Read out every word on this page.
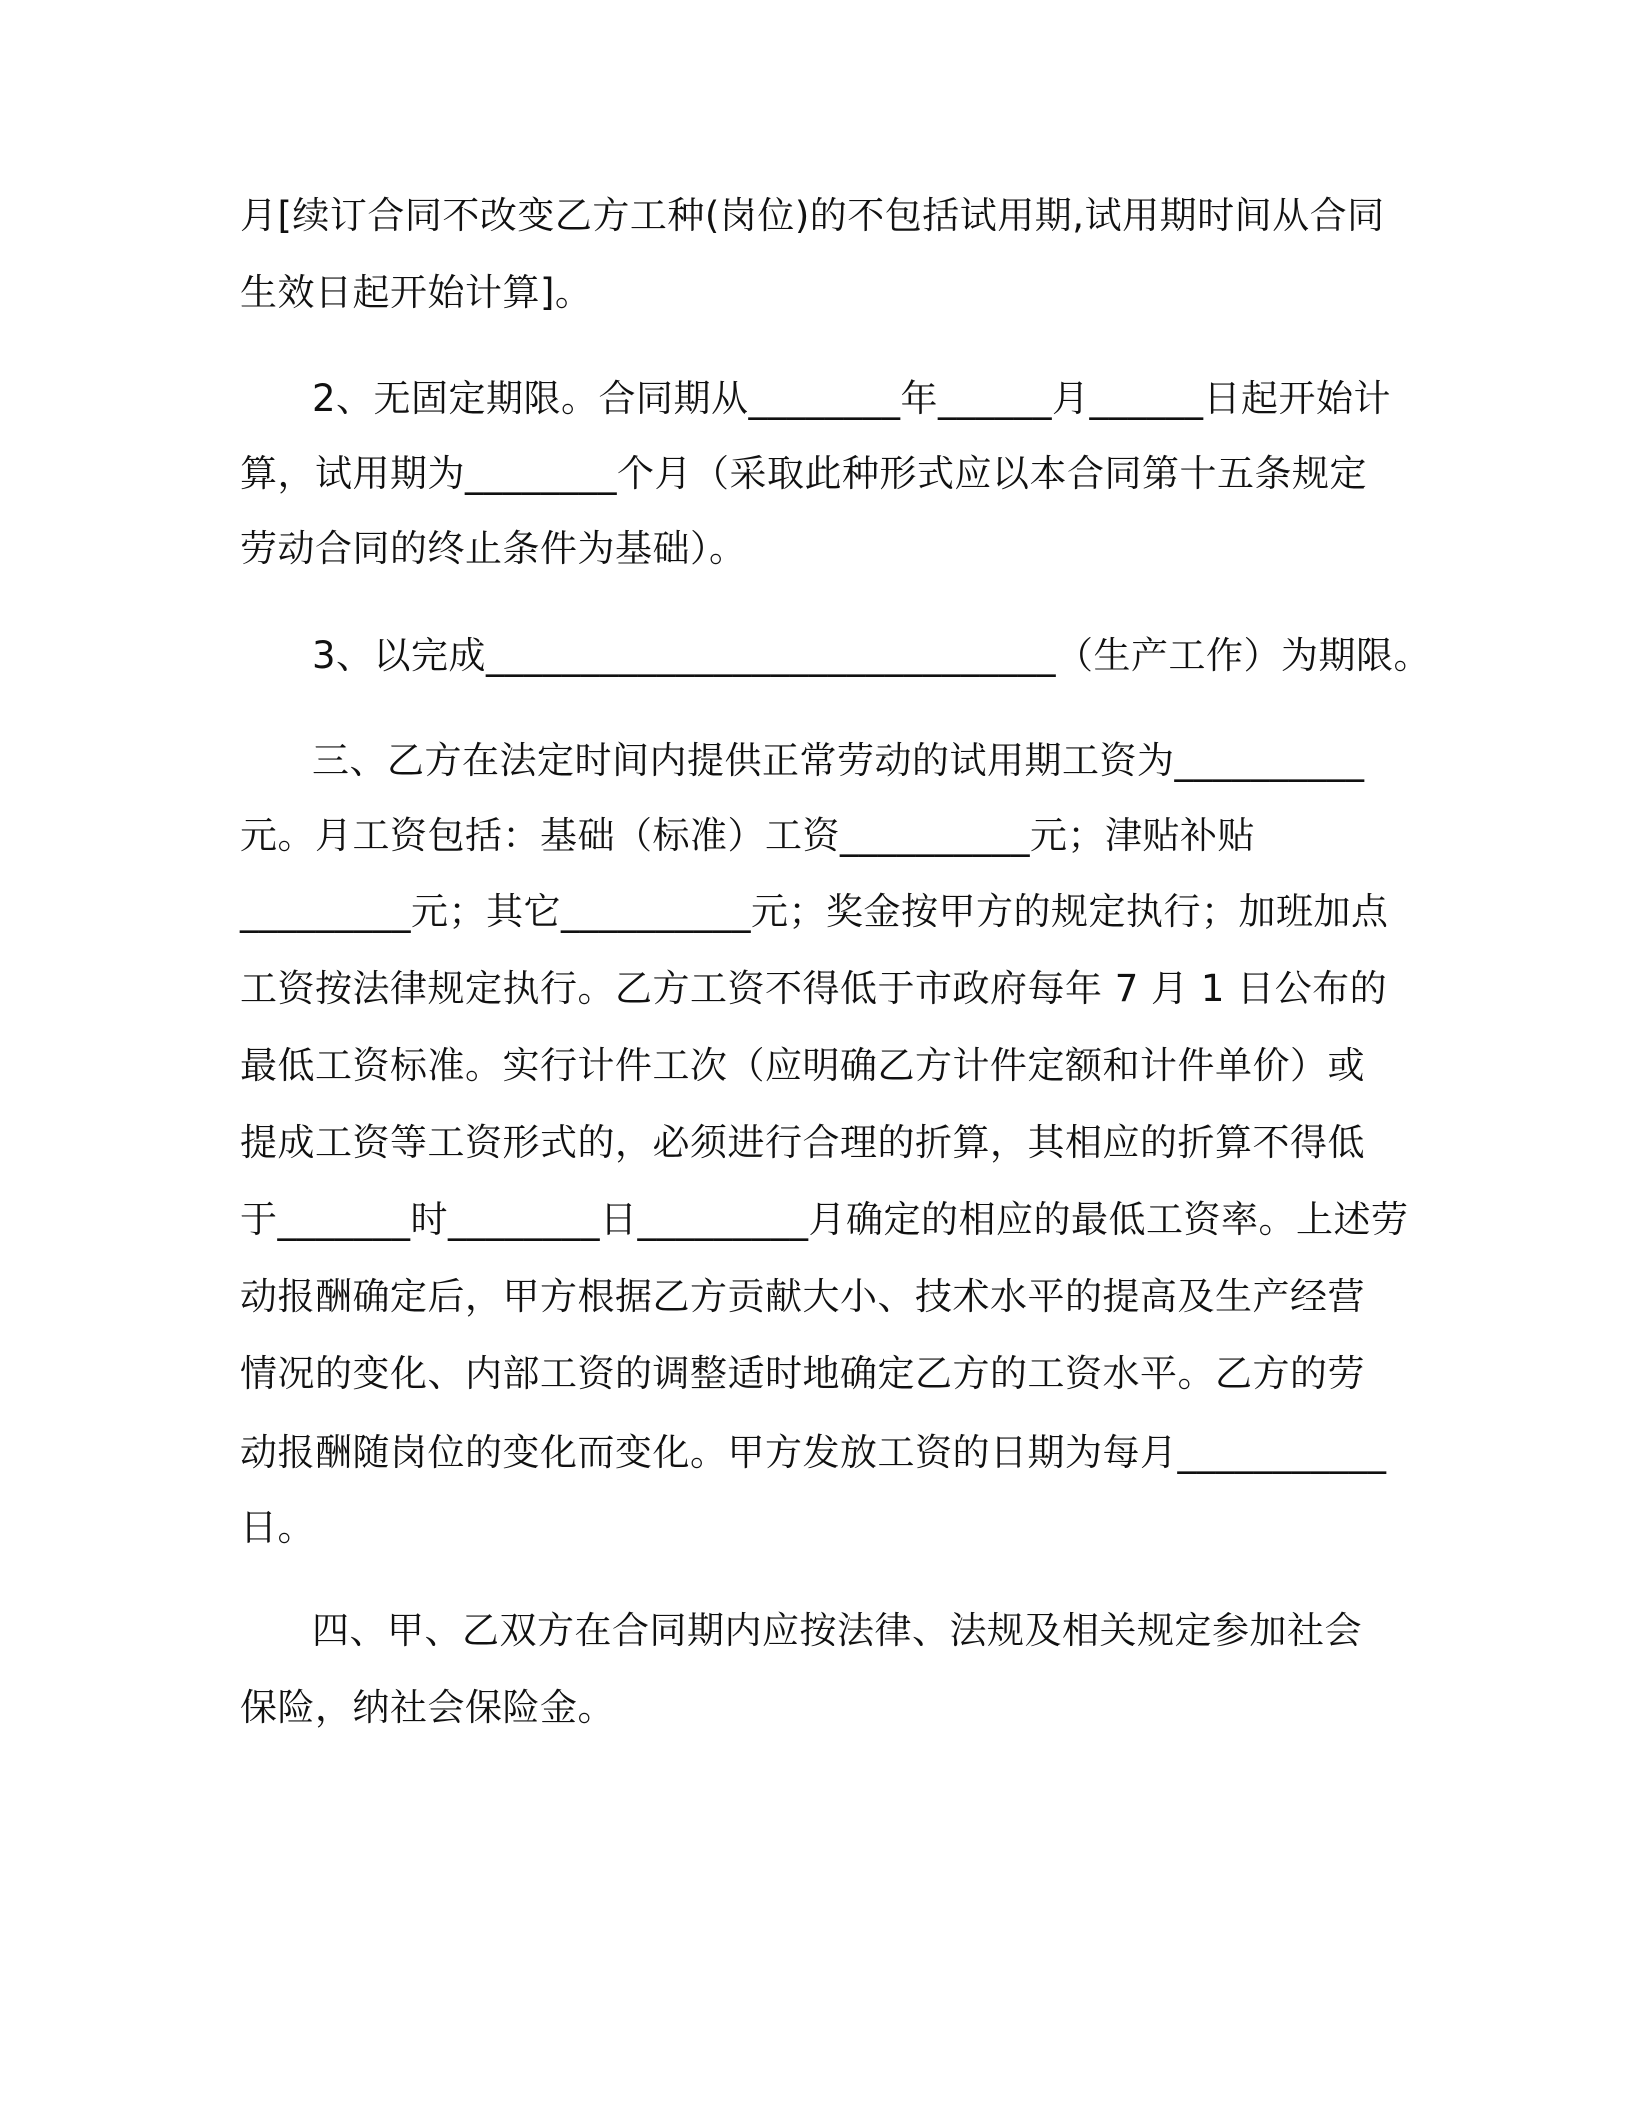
月[续订合同不改变乙方工种(岗位)的不包括试用期,试用期时间从合同
生效日起开始计算]。
2、无固定期限。合同期从________年______月______日起开始计
算，试用期为________个月（采取此种形式应以本合同第十五条规定
劳动合同的终止条件为基础）。
3、以完成______________________________（生产工作）为期限。
三、乙方在法定时间内提供正常劳动的试用期工资为__________
元。月工资包括：基础（标准）工资__________元；津贴补贴
_________元；其它__________元；奖金按甲方的规定执行；加班加点
工资按法律规定执行。乙方工资不得低于市政府每年 7 月 1 日公布的
最低工资标准。实行计件工次（应明确乙方计件定额和计件单价）或
提成工资等工资形式的，必须进行合理的折算，其相应的折算不得低
于_______时________日_________月确定的相应的最低工资率。上述劳
动报酬确定后，甲方根据乙方贡献大小、技术水平的提高及生产经营
情况的变化、内部工资的调整适时地确定乙方的工资水平。乙方的劳
动报酬随岗位的变化而变化。甲方发放工资的日期为每月___________
日。
四、甲、乙双方在合同期内应按法律、法规及相关规定参加社会
保险，纳社会保险金。
